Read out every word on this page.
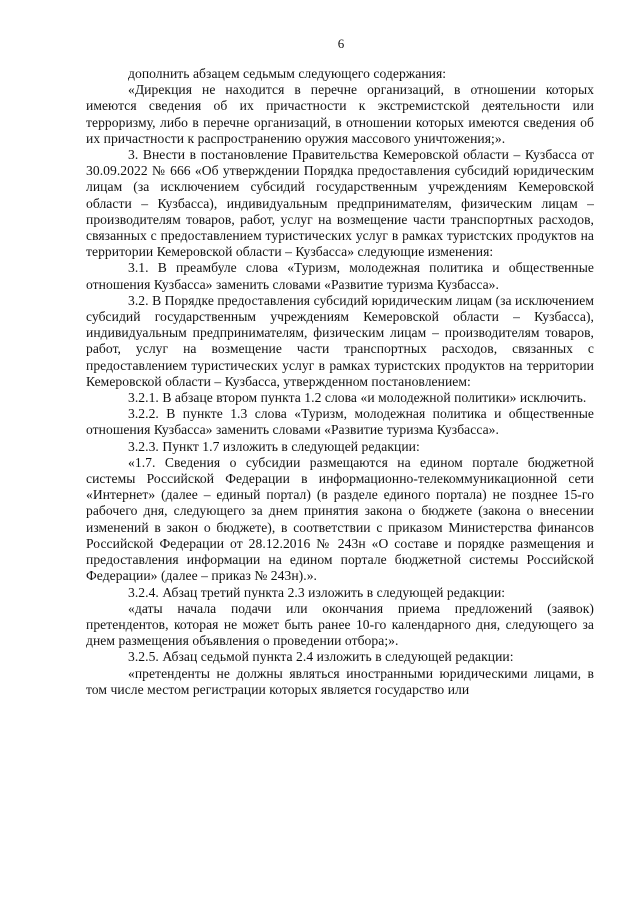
6

дополнить абзацем седьмым следующего содержания:

«Дирекция не находится в перечне организаций, в отношении которых имеются сведения об их причастности к экстремистской деятельности или терроризму, либо в перечне организаций, в отношении которых имеются сведения об их причастности к распространению оружия массового уничтожения;».

3. Внести в постановление Правительства Кемеровской области – Кузбасса от 30.09.2022 № 666 «Об утверждении Порядка предоставления субсидий юридическим лицам (за исключением субсидий государственным учреждениям Кемеровской области – Кузбасса), индивидуальным предпринимателям, физическим лицам – производителям товаров, работ, услуг на возмещение части транспортных расходов, связанных с предоставлением туристических услуг в рамках туристских продуктов на территории Кемеровской области – Кузбасса» следующие изменения:

3.1. В преамбуле слова «Туризм, молодежная политика и общественные отношения Кузбасса» заменить словами «Развитие туризма Кузбасса».

3.2. В Порядке предоставления субсидий юридическим лицам (за исключением субсидий государственным учреждениям Кемеровской области – Кузбасса), индивидуальным предпринимателям, физическим лицам – производителям товаров, работ, услуг на возмещение части транспортных расходов, связанных с предоставлением туристических услуг в рамках туристских продуктов на территории Кемеровской области – Кузбасса, утвержденном постановлением:

3.2.1. В абзаце втором пункта 1.2 слова «и молодежной политики» исключить.

3.2.2. В пункте 1.3 слова «Туризм, молодежная политика и общественные отношения Кузбасса» заменить словами «Развитие туризма Кузбасса».

3.2.3. Пункт 1.7 изложить в следующей редакции:

«1.7. Сведения о субсидии размещаются на едином портале бюджетной системы Российской Федерации в информационно-телекоммуникационной сети «Интернет» (далее – единый портал) (в разделе единого портала) не позднее 15-го рабочего дня, следующего за днем принятия закона о бюджете (закона о внесении изменений в закон о бюджете), в соответствии с приказом Министерства финансов Российской Федерации от 28.12.2016 № 243н «О составе и порядке размещения и предоставления информации на едином портале бюджетной системы Российской Федерации» (далее – приказ № 243н).».

3.2.4. Абзац третий пункта 2.3 изложить в следующей редакции:

«даты начала подачи или окончания приема предложений (заявок) претендентов, которая не может быть ранее 10-го календарного дня, следующего за днем размещения объявления о проведении отбора;».

3.2.5. Абзац седьмой пункта 2.4 изложить в следующей редакции:

«претенденты не должны являться иностранными юридическими лицами, в том числе местом регистрации которых является государство или
